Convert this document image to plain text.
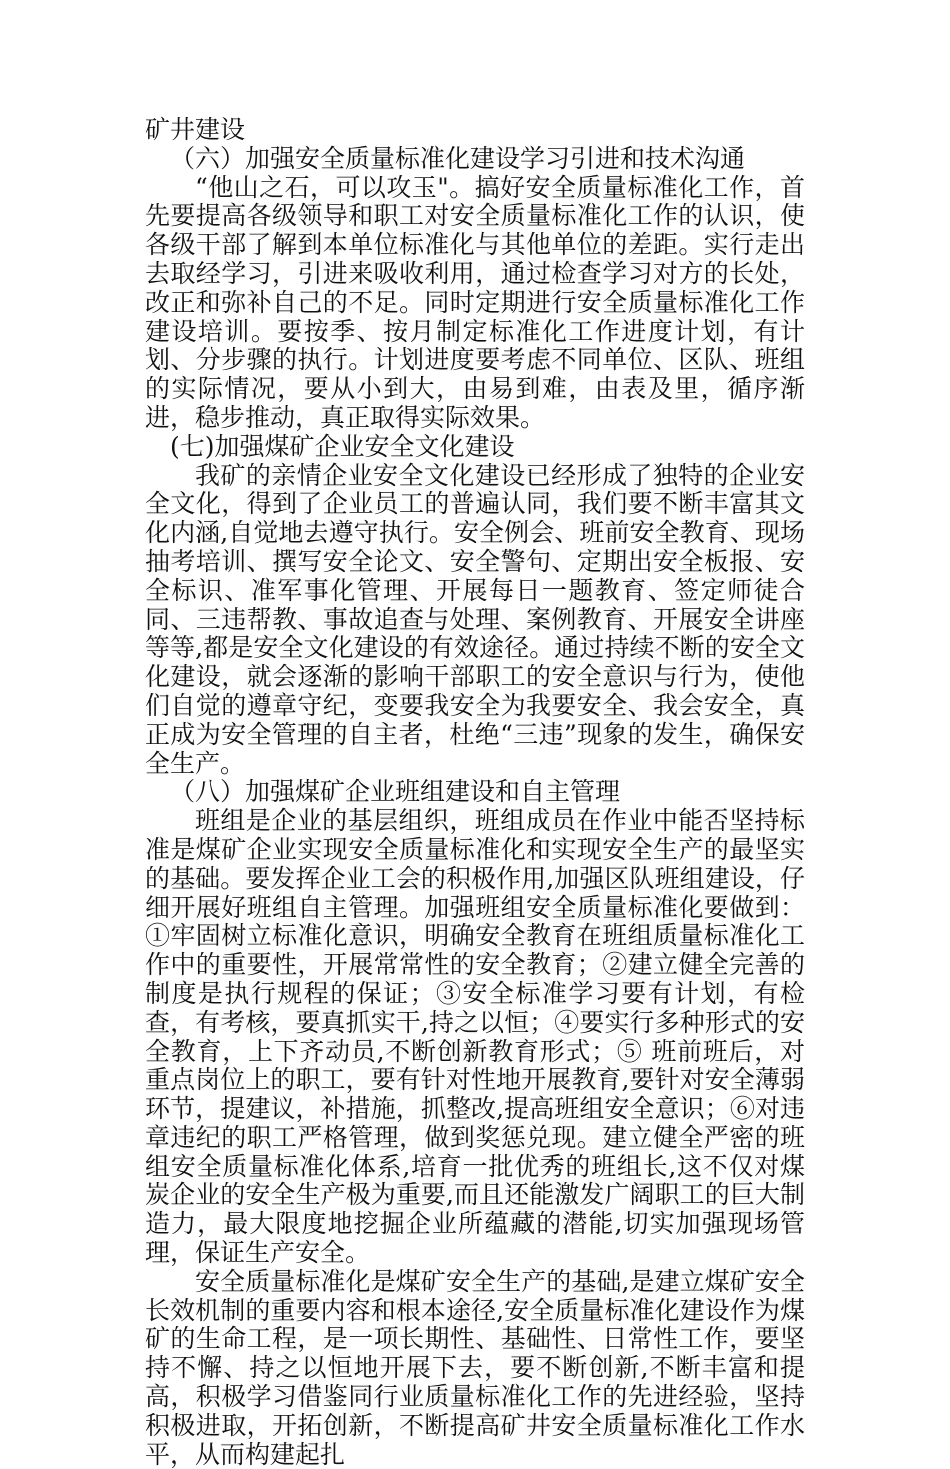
矿井建设

（六）加强安全质量标准化建设学习引进和技术沟通

“他山之石，可以攻玉"。搞好安全质量标准化工作，首先要提高各级领导和职工对安全质量标准化工作的认识，使各级干部了解到本单位标准化与其他单位的差距。实行走出去取经学习，引进来吸收利用，通过检查学习对方的长处，改正和弥补自己的不足。同时定期进行安全质量标准化工作建设培训。要按季、按月制定标准化工作进度计划，有计划、分步骤的执行。计划进度要考虑不同单位、区队、班组的实际情况，要从小到大，由易到难，由表及里，循序渐进，稳步推动，真正取得实际效果。

(七)加强煤矿企业安全文化建设

我矿的亲情企业安全文化建设已经形成了独特的企业安全文化，得到了企业员工的普遍认同，我们要不断丰富其文化内涵,自觉地去遵守执行。安全例会、班前安全教育、现场抽考培训、撰写安全论文、安全警句、定期出安全板报、安全标识、准军事化管理、开展每日一题教育、签定师徒合同、三违帮教、事故追查与处理、案例教育、开展安全讲座等等,都是安全文化建设的有效途径。通过持续不断的安全文化建设，就会逐渐的影响干部职工的安全意识与行为，使他们自觉的遵章守纪，变要我安全为我要安全、我会安全，真正成为安全管理的自主者，杜绝“三违”现象的发生，确保安全生产。

（八）加强煤矿企业班组建设和自主管理

班组是企业的基层组织，班组成员在作业中能否坚持标准是煤矿企业实现安全质量标准化和实现安全生产的最坚实的基础。要发挥企业工会的积极作用,加强区队班组建设，仔细开展好班组自主管理。加强班组安全质量标准化要做到：①牢固树立标准化意识，明确安全教育在班组质量标准化工作中的重要性，开展常常性的安全教育；②建立健全完善的制度是执行规程的保证；③安全标准学习要有计划，有检查，有考核，要真抓实干,持之以恒；④要实行多种形式的安全教育，上下齐动员,不断创新教育形式；⑤ 班前班后，对重点岗位上的职工，要有针对性地开展教育,要针对安全薄弱环节，提建议，补措施，抓整改,提高班组安全意识；⑥对违章违纪的职工严格管理，做到奖惩兑现。建立健全严密的班组安全质量标准化体系,培育一批优秀的班组长,这不仅对煤炭企业的安全生产极为重要,而且还能激发广阔职工的巨大制造力，最大限度地挖掘企业所蕴藏的潜能,切实加强现场管理，保证生产安全。

安全质量标准化是煤矿安全生产的基础,是建立煤矿安全长效机制的重要内容和根本途径,安全质量标准化建设作为煤矿的生命工程，是一项长期性、基础性、日常性工作，要坚持不懈、持之以恒地开展下去，要不断创新,不断丰富和提高，积极学习借鉴同行业质量标准化工作的先进经验，坚持积极进取，开拓创新，不断提高矿井安全质量标准化工作水平，从而构建起扎
